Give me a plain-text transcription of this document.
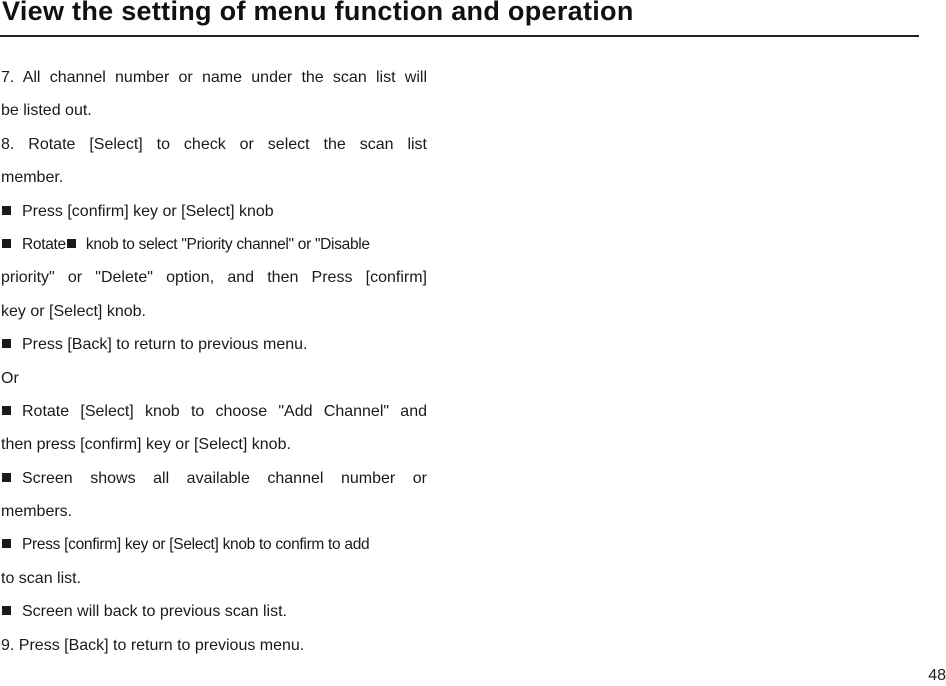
View the setting of menu function and operation
7. All channel number or name under the scan list will
be listed out.
8. Rotate [Select] to check or select the scan list
member.
Press [confirm] key or [Select] knob
Rotate knob to select "Priority channel" or "Disable
priority" or "Delete" option, and then Press [confirm]
key or [Select] knob.
Press [Back] to return to previous menu.
Or
Rotate [Select] knob to choose "Add Channel" and
then press [confirm] key or [Select] knob.
Screen shows all available channel number or
members.
Press [confirm] key or [Select] knob to confirm to add
to scan list.
Screen will back to previous scan list.
9. Press [Back] to return to previous menu.
48
